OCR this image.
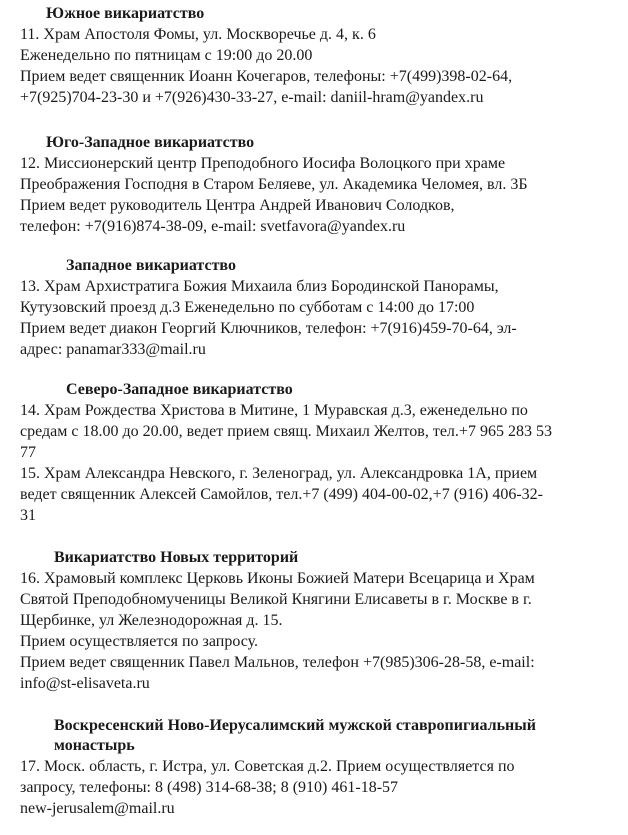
Южное викариатство
11. Храм Апостоля Фомы, ул. Москворечье д. 4, к. 6
Еженедельно по пятницам с 19:00 до 20.00
Прием ведет священник Иоанн Кочегаров, телефоны: +7(499)398-02-64,
+7(925)704-23-30 и +7(926)430-33-27, e-mail: daniil-hram@yandex.ru
Юго-Западное викариатство
12. Миссионерский центр Преподобного Иосифа Волоцкого при храме
Преображения Господня в Старом Беляеве, ул. Академика Челомея, вл. 3Б
Прием ведет руководитель Центра Андрей Иванович Солодков,
телефон: +7(916)874-38-09, e-mail: svetfavora@yandex.ru
Западное викариатство
13. Храм Архистратига Божия Михаила близ Бородинской Панорамы,
Кутузовский проезд д.3 Еженедельно по субботам с 14:00 до 17:00
Прием ведет диакон Георгий Ключников, телефон: +7(916)459-70-64, эл-
адрес: panamar333@mail.ru
Северо-Западное викариатство
14. Храм Рождества Христова в Митине, 1 Муравская д.3, еженедельно по
средам с 18.00 до 20.00, ведет прием свящ. Михаил Желтов, тел.+7 965 283 53
77
15. Храм Александра Невского, г. Зеленоград, ул. Александровка 1А, прием
ведет священник Алексей Самойлов, тел.+7 (499) 404-00-02,+7 (916) 406-32-
31
Викариатство Новых территорий
16. Храмовый комплекс Церковь Иконы Божией Матери Всецарица и Храм
Святой Преподобномученицы Великой Княгини Елисаветы в г. Москве в г.
Щербинке, ул Железнодорожная д. 15.
Прием осуществляется по запросу.
Прием ведет священник Павел Мальнов, телефон +7(985)306-28-58, e-mail:
info@st-elisaveta.ru
Воскресенский Ново-Иерусалимский мужской ставропигиальный
монастырь
17. Моск. область, г. Истра, ул. Советская д.2. Прием осуществляется по
запросу, телефоны: 8 (498) 314-68-38; 8 (910) 461-18-57
new-jerusalem@mail.ru
